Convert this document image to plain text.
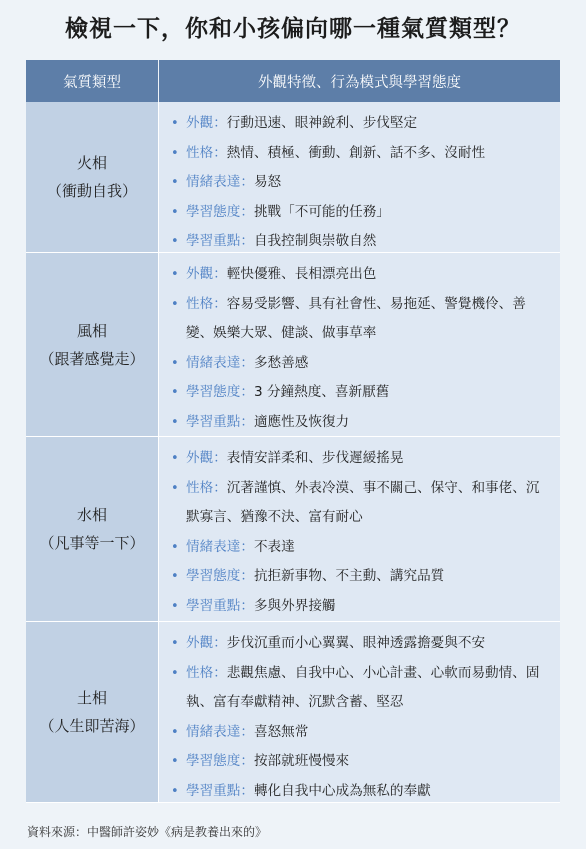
檢視一下，你和小孩偏向哪一種氣質類型？
氣質類型	外觀特徵、行為模式與學習態度
火相
（衝動自我）
• 外觀：行動迅速、眼神銳利、步伐堅定
• 性格：熱情、積極、衝動、創新、話不多、沒耐性
• 情緒表達：易怒
• 學習態度：挑戰「不可能的任務」
• 學習重點：自我控制與崇敬自然
風相
（跟著感覺走）
• 外觀：輕快優雅、長相漂亮出色
• 性格：容易受影響、具有社會性、易拖延、警覺機伶、善變、娛樂大眾、健談、做事草率
• 情緒表達：多愁善感
• 學習態度：3 分鐘熱度、喜新厭舊
• 學習重點：適應性及恢復力
水相
（凡事等一下）
• 外觀：表情安詳柔和、步伐遲緩搖晃
• 性格：沉著謹慎、外表冷漠、事不關己、保守、和事佬、沉默寡言、猶豫不決、富有耐心
• 情緒表達：不表達
• 學習態度：抗拒新事物、不主動、講究品質
• 學習重點：多與外界接觸
土相
（人生即苦海）
• 外觀：步伐沉重而小心翼翼、眼神透露擔憂與不安
• 性格：悲觀焦慮、自我中心、小心計畫、心軟而易動情、固執、富有奉獻精神、沉默含蓄、堅忍
• 情緒表達：喜怒無常
• 學習態度：按部就班慢慢來
• 學習重點：轉化自我中心成為無私的奉獻
資料來源：中醫師許姿妙《病是教養出來的》
